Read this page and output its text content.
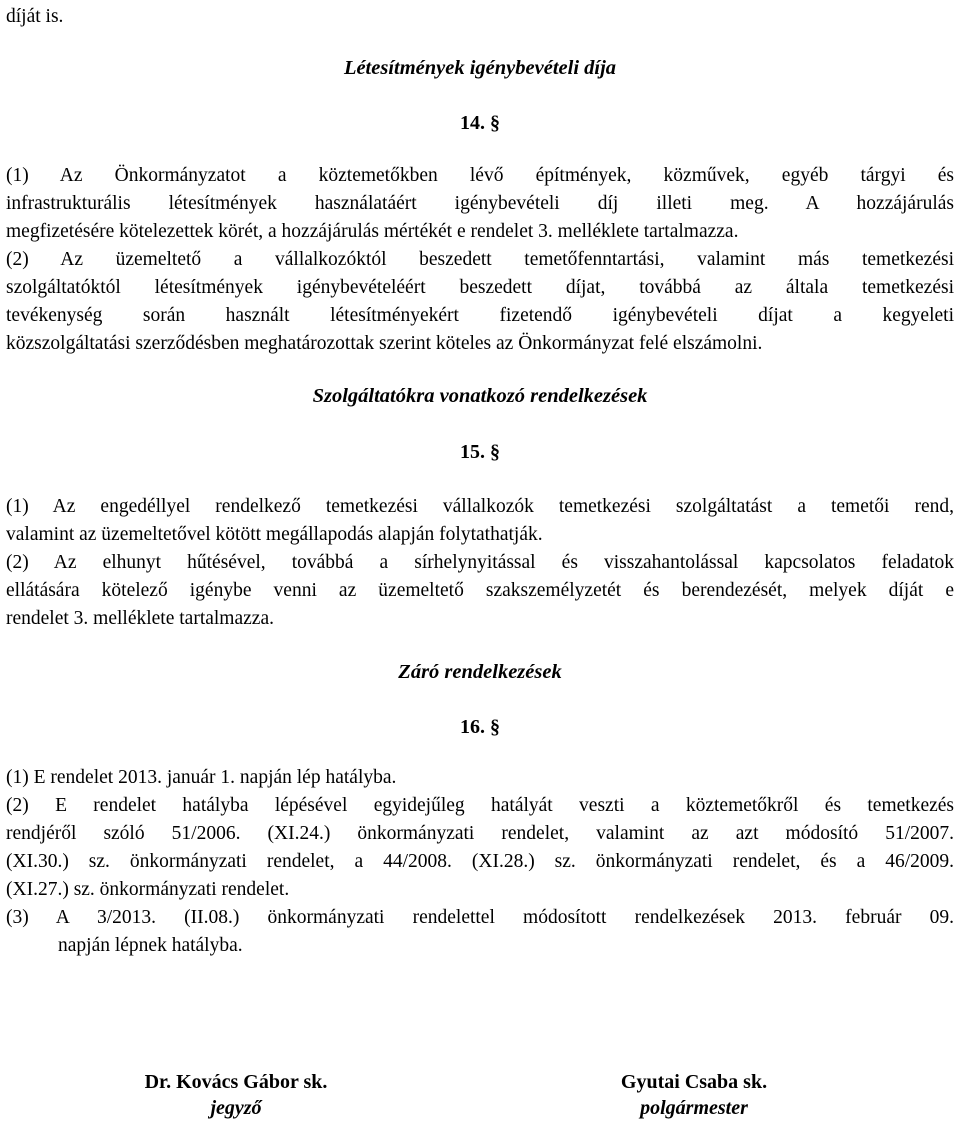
díját is.
Létesítmények igénybevételi díja
14. §
(1) Az Önkormányzatot a köztemetőkben lévő építmények, közművek, egyéb tárgyi és
infrastrukturális létesítmények használatáért igénybevételi díj illeti meg. A hozzájárulás
megfizetésére kötelezettek körét, a hozzájárulás mértékét e rendelet 3. melléklete tartalmazza.
(2) Az üzemeltető a vállalkozóktól beszedett temetőfenntartási, valamint más temetkezési
szolgáltatóktól létesítmények igénybevételéért beszedett díjat, továbbá az általa temetkezési
tevékenység során használt létesítményekért fizetendő igénybevételi díjat a kegyeleti
közszolgáltatási szerződésben meghatározottak szerint köteles az Önkormányzat felé elszámolni.
Szolgáltatókra vonatkozó rendelkezések
15. §
(1) Az engedéllyel rendelkező temetkezési vállalkozók temetkezési szolgáltatást a temetői rend,
valamint az üzemeltetővel kötött megállapodás alapján folytathatják.
(2) Az elhunyt hűtésével, továbbá a sírhelynyitással és visszahantolással kapcsolatos feladatok
ellátására kötelező igénybe venni az üzemeltető szakszemélyzetét és berendezését, melyek díját e
rendelet 3. melléklete tartalmazza.
Záró rendelkezések
16. §
(1) E rendelet 2013. január 1. napján lép hatályba.
(2) E rendelet hatályba lépésével egyidejűleg hatályát veszti a köztemetőkről és temetkezés
rendjéről szóló 51/2006. (XI.24.) önkormányzati rendelet, valamint az azt módosító 51/2007.
(XI.30.) sz. önkormányzati rendelet, a 44/2008. (XI.28.) sz. önkormányzati rendelet, és a 46/2009.
(XI.27.) sz. önkormányzati rendelet.
(3) A 3/2013. (II.08.) önkormányzati rendelettel módosított rendelkezések 2013. február 09.
napján lépnek hatályba.
Dr. Kovács Gábor sk.
jegyző
Gyutai Csaba sk.
polgármester
